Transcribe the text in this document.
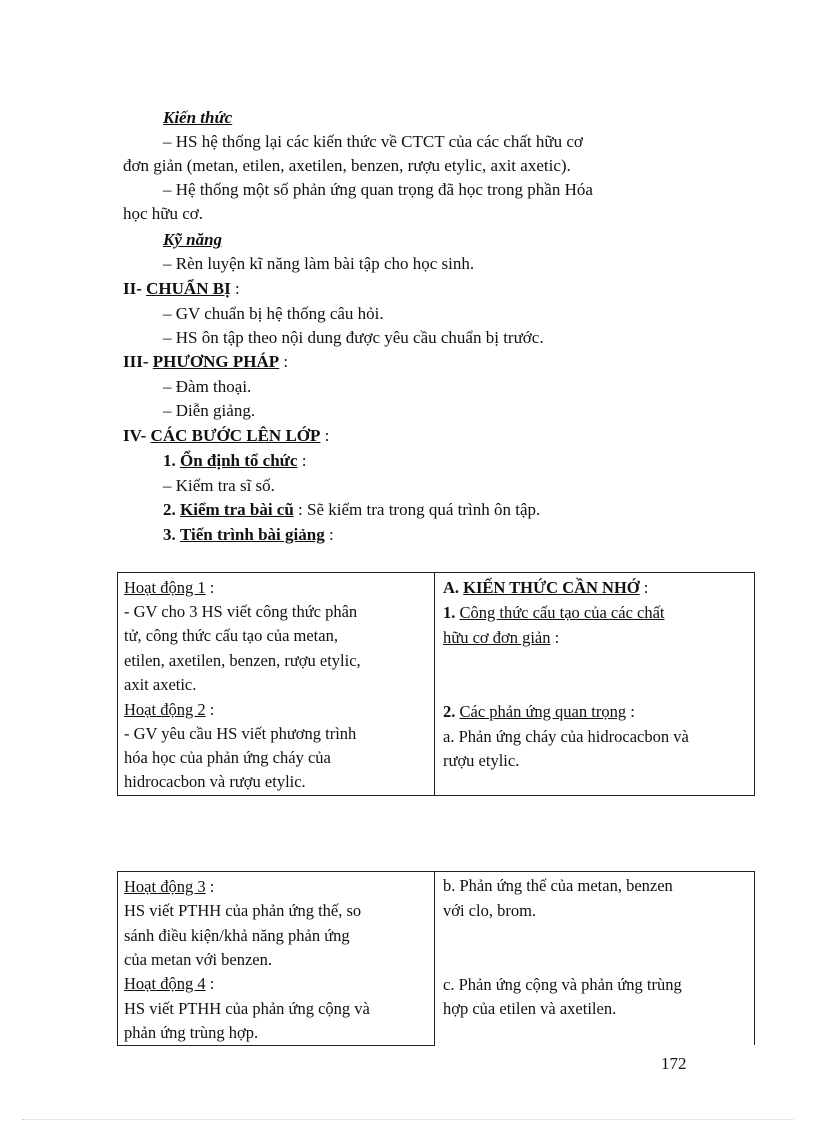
Kiến thức
– HS hệ thống lại các kiến thức về CTCT của các chất hữu cơ
đơn giản (metan, etilen, axetilen, benzen, rượu etylic, axit axetic).
– Hệ thống một số phản ứng quan trọng đã học trong phần Hóa
học hữu cơ.
Kỹ năng
– Rèn luyện kĩ năng làm bài tập cho học sinh.
II- CHUẨN BỊ :
– GV chuẩn bị hệ thống câu hỏi.
– HS ôn tập theo nội dung được yêu cầu chuẩn bị trước.
III- PHƯƠNG PHÁP :
– Đàm thoại.
– Diễn giảng.
IV- CÁC BƯỚC LÊN LỚP :
1. Ổn định tổ chức :
– Kiểm tra sĩ số.
2. Kiểm tra bài cũ : Sẽ kiểm tra trong quá trình ôn tập.
3. Tiến trình bài giảng :
Hoạt động 1 :
- GV cho 3 HS viết công thức phân
tử, công thức cấu tạo của metan,
etilen, axetilen, benzen, rượu etylic,
axit axetic.
Hoạt động 2 :
- GV yêu cầu HS viết phương trình
hóa học của phản ứng cháy của
hidrocacbon và rượu etylic.
A. KIẾN THỨC CẦN NHỚ :
1. Công thức cấu tạo của các chất
hữu cơ đơn giản :
2. Các phản ứng quan trọng :
a. Phản ứng cháy của hidrocacbon và
rượu etylic.
Hoạt động 3 :
HS viết PTHH của phản ứng thế, so
sánh điều kiện/khả năng phản ứng
của metan với benzen.
Hoạt động 4 :
HS viết PTHH của phản ứng cộng và
phản ứng trùng hợp.
b. Phản ứng thế của metan, benzen
với clo, brom.
c. Phản ứng cộng và phản ứng trùng
hợp của etilen và axetilen.
172
